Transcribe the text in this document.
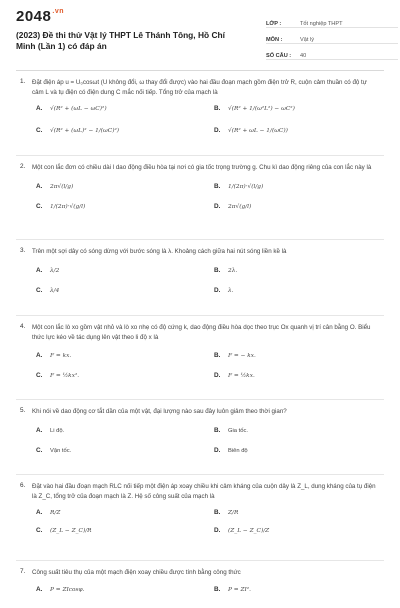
$2048^{.vn}$
(2023) Đề thi thử Vật lý THPT Lê Thánh Tông, Hồ Chí Minh (Lần 1) có đáp án
LỚP :	Tốt nghiệp THPT
MÔN :	Vật lý
SỐ CÂU :	40
1. Đặt điện áp u = U₀cosωt (U không đổi, ω thay đổi được) vào hai đầu đoạn mạch gồm điện trở R, cuộn cảm thuần có độ tự cảm L và tụ điện có điện dung C mắc nối tiếp. Tổng trở của mạch là
A. √(R² + (ωL − ωC)²)	B. √(R² + 1/(ω²L²) − ωC²)
C. √(R² + (ωL)² − 1/(ωC)²)	D. √(R² + ωL − 1/(ωC))
2. Một con lắc đơn có chiều dài l dao động điều hòa tại nơi có gia tốc trọng trường g. Chu kì dao động riêng của con lắc này là
A. 2π√(l/g)	B. 1/(2π)·√(l/g)
C. 1/(2π)·√(g/l)	D. 2π√(g/l)
3. Trên một sợi dây có sóng dừng với bước sóng là λ. Khoảng cách giữa hai nút sóng liền kề là
A. λ/2	B. 2λ.
C. λ/4	D. λ.
4. Một con lắc lò xo gồm vật nhỏ và lò xo nhẹ có độ cứng k, dao động điều hòa dọc theo trục Ox quanh vị trí cân bằng O. Biểu thức lực kéo về tác dụng lên vật theo li độ x là
A. F = kx.	B. F = − kx.
C. F = ½kx².	D. F = ½kx.
5. Khi nói về dao động cơ tắt dần của một vật, đại lượng nào sau đây luôn giảm theo thời gian?
A. Li độ.	B. Gia tốc.
C. Vận tốc.	D. Biên độ
6. Đặt vào hai đầu đoạn mạch RLC nối tiếp một điện áp xoay chiều khi cảm kháng của cuộn dây là Z_L, dung kháng của tụ điện là Z_C, tổng trở của đoạn mạch là Z. Hệ số công suất của mạch là
A. R/Z	B. Z/R
C. (Z_L − Z_C)/R	D. (Z_L − Z_C)/Z
7. Công suất tiêu thụ của một mạch điện xoay chiều được tính bằng công thức
A. P = ZIcosφ.	B. P = ZI².
